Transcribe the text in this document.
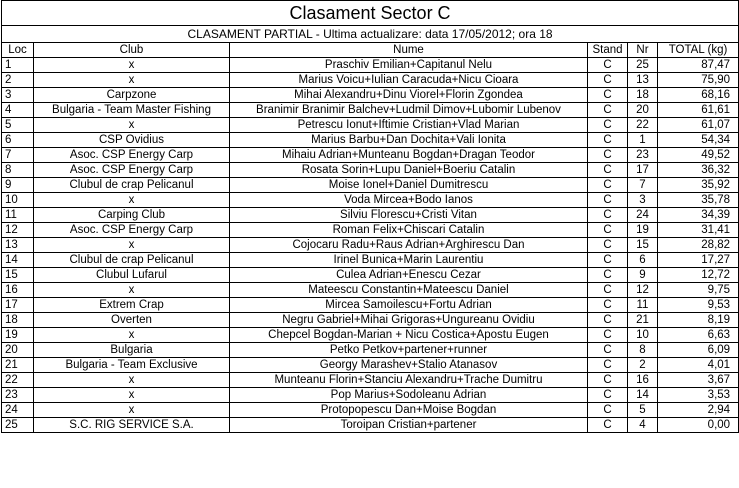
Clasament Sector C					
CLASAMENT PARTIAL - Ultima actualizare: data 17/05/2012; ora 18					
Loc	Club	Nume	Stand	Nr	TOTAL (kg)
1	x	Praschiv Emilian+Capitanul Nelu	C	25	87,47
2	x	Marius Voicu+Iulian Caracuda+Nicu Cioara	C	13	75,90
3	Carpzone	Mihai Alexandru+Dinu Viorel+Florin Zgondea	C	18	68,16
4	Bulgaria - Team Master Fishing	Branimir Branimir Balchev+Ludmil Dimov+Lubomir Lubenov	C	20	61,61
5	x	Petrescu Ionut+Iftimie Cristian+Vlad Marian	C	22	61,07
6	CSP Ovidius	Marius Barbu+Dan Dochita+Vali Ionita	C	1	54,34
7	Asoc. CSP Energy Carp	Mihaiu Adrian+Munteanu Bogdan+Dragan Teodor	C	23	49,52
8	Asoc. CSP Energy Carp	Rosata Sorin+Lupu Daniel+Boeriu Catalin	C	17	36,32
9	Clubul de crap Pelicanul	Moise Ionel+Daniel Dumitrescu	C	7	35,92
10	x	Voda Mircea+Bodo Ianos	C	3	35,78
11	Carping Club	Silviu Florescu+Cristi Vitan	C	24	34,39
12	Asoc. CSP Energy Carp	Roman Felix+Chiscari Catalin	C	19	31,41
13	x	Cojocaru Radu+Raus Adrian+Arghirescu Dan	C	15	28,82
14	Clubul de crap Pelicanul	Irinel Bunica+Marin Laurentiu	C	6	17,27
15	Clubul Lufarul	Culea Adrian+Enescu Cezar	C	9	12,72
16	x	Mateescu Constantin+Mateescu Daniel	C	12	9,75
17	Extrem Crap	Mircea Samoilescu+Fortu Adrian	C	11	9,53
18	Overten	Negru Gabriel+Mihai Grigoras+Ungureanu Ovidiu	C	21	8,19
19	x	Chepcel Bogdan-Marian + Nicu Costica+Apostu Eugen	C	10	6,63
20	Bulgaria	Petko Petkov+partener+runner	C	8	6,09
21	Bulgaria - Team Exclusive	Georgy Marashev+Stalio Atanasov	C	2	4,01
22	x	Munteanu Florin+Stanciu Alexandru+Trache Dumitru	C	16	3,67
23	x	Pop Marius+Sodoleanu Adrian	C	14	3,53
24	x	Protopopescu Dan+Moise Bogdan	C	5	2,94
25	S.C. RIG SERVICE S.A.	Toroipan Cristian+partener	C	4	0,00
